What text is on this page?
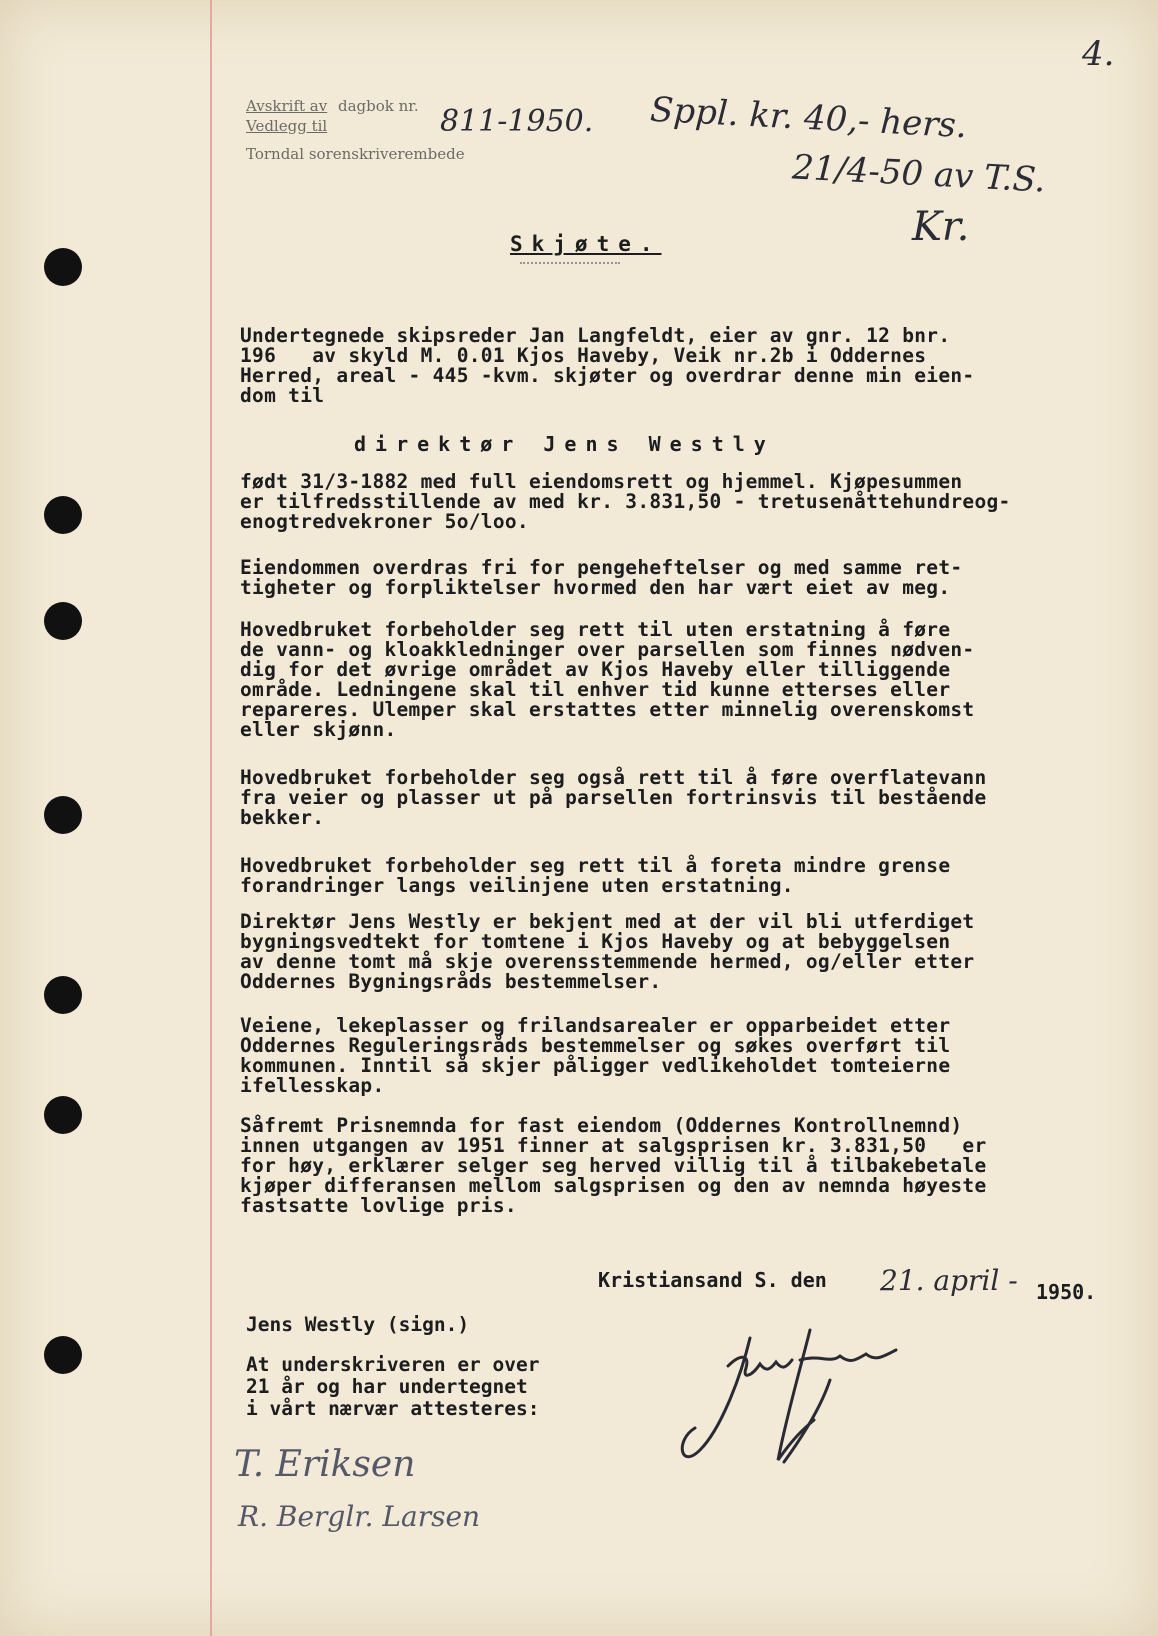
4.
Avskrift av dagbok nr.
Vedlegg til
Torndal sorenskriverembede
811-1950. Sppl. kr. 40,- hers.
21/4-50 av T.S.
Kr.
Skjøte.
Undertegnede skipsreder Jan Langfeldt, eier av gnr. 12 bnr.
196   av skyld M. 0.01 Kjos Haveby, Veik nr.2b i Oddernes
Herred, areal - 445 -kvm. skjøter og overdrar denne min eien-
dom til
direktør Jens Westly
født 31/3-1882 med full eiendomsrett og hjemmel. Kjøpesummen
er tilfredsstillende av med kr. 3.831,50 - tretusenåttehundreog-
enogtredvekroner 5o/loo.
Eiendommen overdras fri for pengeheftelser og med samme ret-
tigheter og forpliktelser hvormed den har vært eiet av meg.
Hovedbruket forbeholder seg rett til uten erstatning å føre
de vann- og kloakkledninger over parsellen som finnes nødven-
dig for det øvrige området av Kjos Haveby eller tilliggende
område. Ledningene skal til enhver tid kunne etterses eller
repareres. Ulemper skal erstattes etter minnelig overenskomst
eller skjønn.
Hovedbruket forbeholder seg også rett til å føre overflatevann
fra veier og plasser ut på parsellen fortrinsvis til bestående
bekker.
Hovedbruket forbeholder seg rett til å foreta mindre grense
forandringer langs veilinjene uten erstatning.
Direktør Jens Westly er bekjent med at der vil bli utferdiget
bygningsvedtekt for tomtene i Kjos Haveby og at bebyggelsen
av denne tomt må skje overensstemmende hermed, og/eller etter
Oddernes Bygningsråds bestemmelser.
Veiene, lekeplasser og frilandsarealer er opparbeidet etter
Oddernes Reguleringsråds bestemmelser og søkes overført til
kommunen. Inntil så skjer påligger vedlikeholdet tomteierne
ifellesskap.
Såfremt Prisnemnda for fast eiendom (Oddernes Kontrollnemnd)
innen utgangen av 1951 finner at salgsprisen kr. 3.831,50   er
for høy, erklærer selger seg herved villig til å tilbakebetale
kjøper differansen mellom salgsprisen og den av nemnda høyeste
fastsatte lovlige pris.
Kristiansand S. den 21. april - 1950.
Jens Westly (sign.)
At underskriveren er over
21 år og har undertegnet
i vårt nærvær attesteres:
T. Eriksen
R. Berglr. Larsen
